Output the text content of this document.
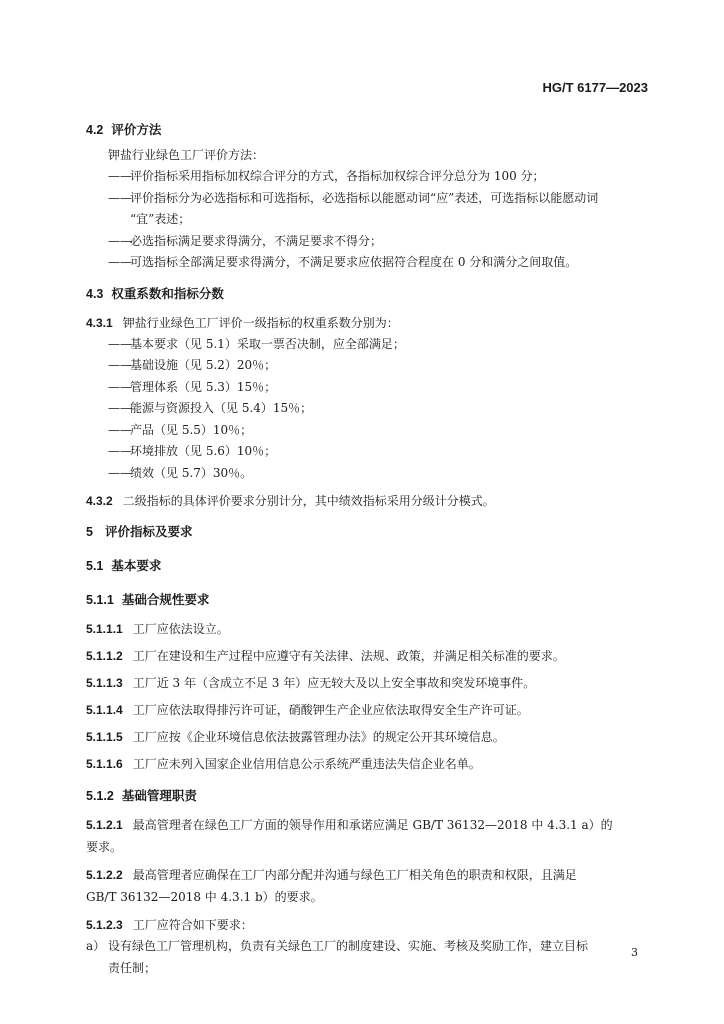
HG/T 6177—2023
4.2 评价方法
钾盐行业绿色工厂评价方法：
——评价指标采用指标加权综合评分的方式，各指标加权综合评分总分为 100 分；
——评价指标分为必选指标和可选指标，必选指标以能愿动词“应”表述，可选指标以能愿动词
“宜”表述；
——必选指标满足要求得满分，不满足要求不得分；
——可选指标全部满足要求得满分，不满足要求应依据符合程度在 0 分和满分之间取值。
4.3 权重系数和指标分数
4.3.1 钾盐行业绿色工厂评价一级指标的权重系数分别为：
——基本要求（见 5.1）采取一票否决制，应全部满足；
——基础设施（见 5.2）20％；
——管理体系（见 5.3）15％；
——能源与资源投入（见 5.4）15％；
——产品（见 5.5）10％；
——环境排放（见 5.6）10％；
——绩效（见 5.7）30％。
4.3.2 二级指标的具体评价要求分别计分，其中绩效指标采用分级计分模式。
5 评价指标及要求
5.1 基本要求
5.1.1 基础合规性要求
5.1.1.1 工厂应依法设立。
5.1.1.2 工厂在建设和生产过程中应遵守有关法律、法规、政策，并满足相关标准的要求。
5.1.1.3 工厂近 3 年（含成立不足 3 年）应无较大及以上安全事故和突发环境事件。
5.1.1.4 工厂应依法取得排污许可证，硝酸钾生产企业应依法取得安全生产许可证。
5.1.1.5 工厂应按《企业环境信息依法披露管理办法》的规定公开其环境信息。
5.1.1.6 工厂应未列入国家企业信用信息公示系统严重违法失信企业名单。
5.1.2 基础管理职责
5.1.2.1 最高管理者在绿色工厂方面的领导作用和承诺应满足 GB/T 36132—2018 中 4.3.1 a）的
要求。
5.1.2.2 最高管理者应确保在工厂内部分配并沟通与绿色工厂相关角色的职责和权限，且满足
GB/T 36132—2018 中 4.3.1 b）的要求。
5.1.2.3 工厂应符合如下要求：
a） 设有绿色工厂管理机构，负责有关绿色工厂的制度建设、实施、考核及奖励工作，建立目标
责任制；
3
